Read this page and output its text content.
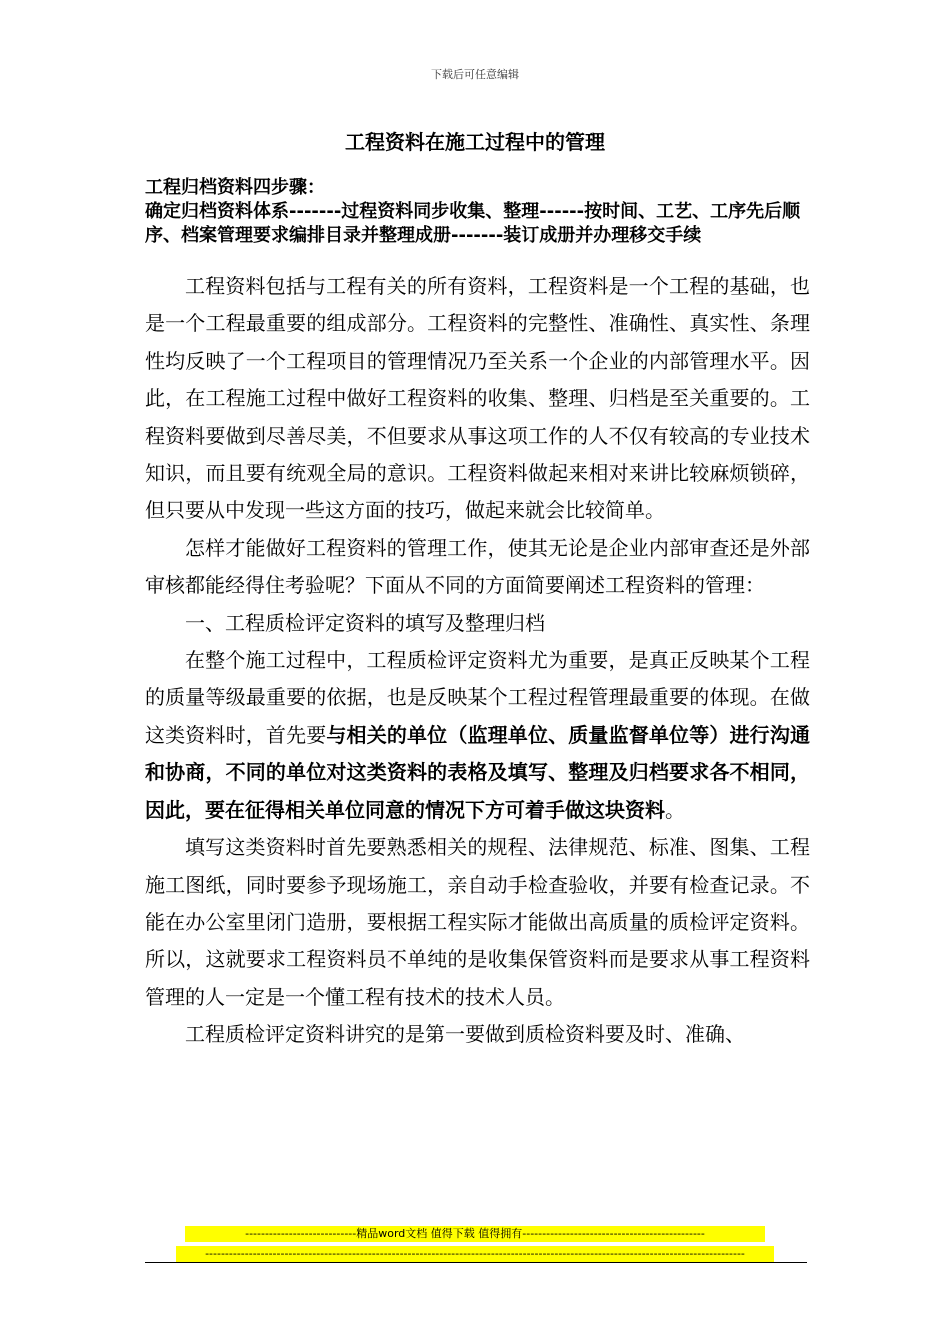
下载后可任意编辑
工程资料在施工过程中的管理

工程归档资料四步骤：

确定归档资料体系-------过程资料同步收集、整理------按时间、工艺、工序先后顺序、档案管理要求编排目录并整理成册-------装订成册并办理移交手续

工程资料包括与工程有关的所有资料，工程资料是一个工程的基础，也是一个工程最重要的组成部分。工程资料的完整性、准确性、真实性、条理性均反映了一个工程项目的管理情况乃至关系一个企业的内部管理水平。因此，在工程施工过程中做好工程资料的收集、整理、归档是至关重要的。工程资料要做到尽善尽美，不但要求从事这项工作的人不仅有较高的专业技术知识，而且要有统观全局的意识。工程资料做起来相对来讲比较麻烦锁碎，但只要从中发现一些这方面的技巧，做起来就会比较简单。

怎样才能做好工程资料的管理工作，使其无论是企业内部审查还是外部审核都能经得住考验呢？下面从不同的方面简要阐述工程资料的管理：

一、工程质检评定资料的填写及整理归档

在整个施工过程中，工程质检评定资料尤为重要，是真正反映某个工程的质量等级最重要的依据，也是反映某个工程过程管理最重要的体现。在做这类资料时，首先要与相关的单位（监理单位、质量监督单位等）进行沟通和协商，不同的单位对这类资料的表格及填写、整理及归档要求各不相同，因此，要在征得相关单位同意的情况下方可着手做这块资料。

填写这类资料时首先要熟悉相关的规程、法律规范、标准、图集、工程施工图纸，同时要参予现场施工，亲自动手检查验收，并要有检查记录。不能在办公室里闭门造册，要根据工程实际才能做出高质量的质检评定资料。所以，这就要求工程资料员不单纯的是收集保管资料而是要求从事工程资料管理的人一定是一个懂工程有技术的技术人员。

工程质检评定资料讲究的是第一要做到质检资料要及时、准确、

----------------------------精品word文档 值得下载 值得拥有----------------------------------------------
----------------------------------------------------------------------------------------------------------------------------------------
